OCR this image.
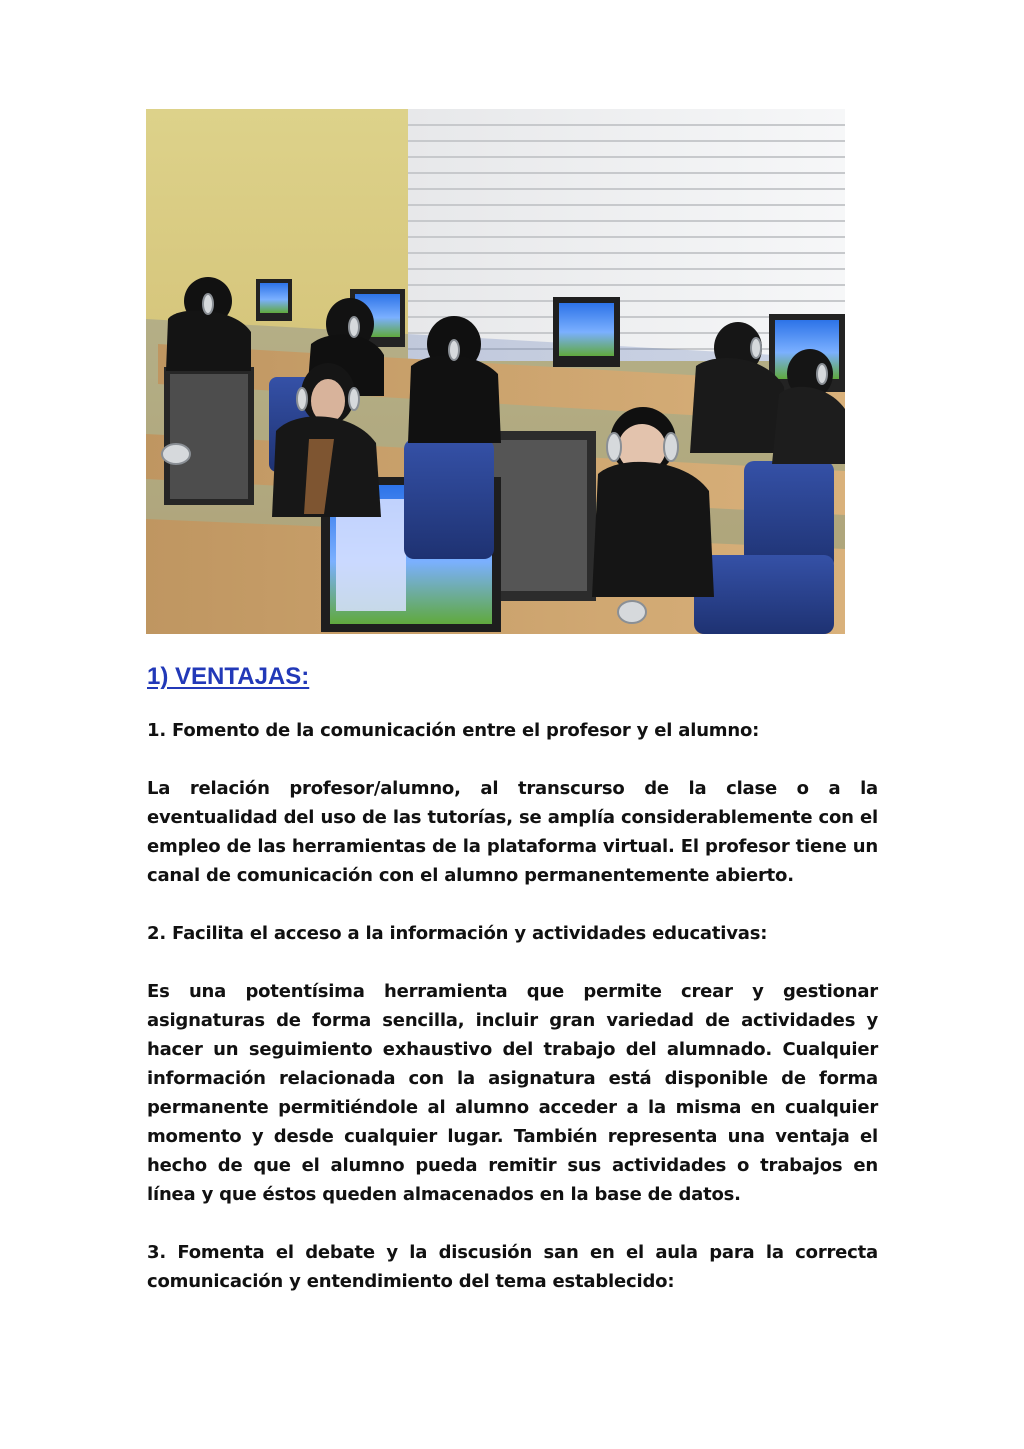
1) VENTAJAS:

1. Fomento de la comunicación entre el profesor y el alumno:

La relación profesor/alumno, al transcurso de la clase o a la eventualidad del uso de las tutorías, se amplía considerablemente con el empleo de las herramientas de la plataforma virtual. El profesor tiene un canal de comunicación con el alumno permanentemente abierto.

2. Facilita el acceso a la información y actividades educativas:

Es una potentísima herramienta que permite crear y gestionar asignaturas de forma sencilla, incluir gran variedad de actividades y hacer un seguimiento exhaustivo del trabajo del alumnado. Cualquier información relacionada con la asignatura está disponible de forma permanente permitiéndole al alumno acceder a la misma en cualquier momento y desde cualquier lugar. También representa una ventaja el hecho de que el alumno pueda remitir sus actividades o trabajos en línea y que éstos queden almacenados en la base de datos.

3. Fomenta el debate y la discusión san en el aula para la correcta comunicación y entendimiento del tema establecido:
